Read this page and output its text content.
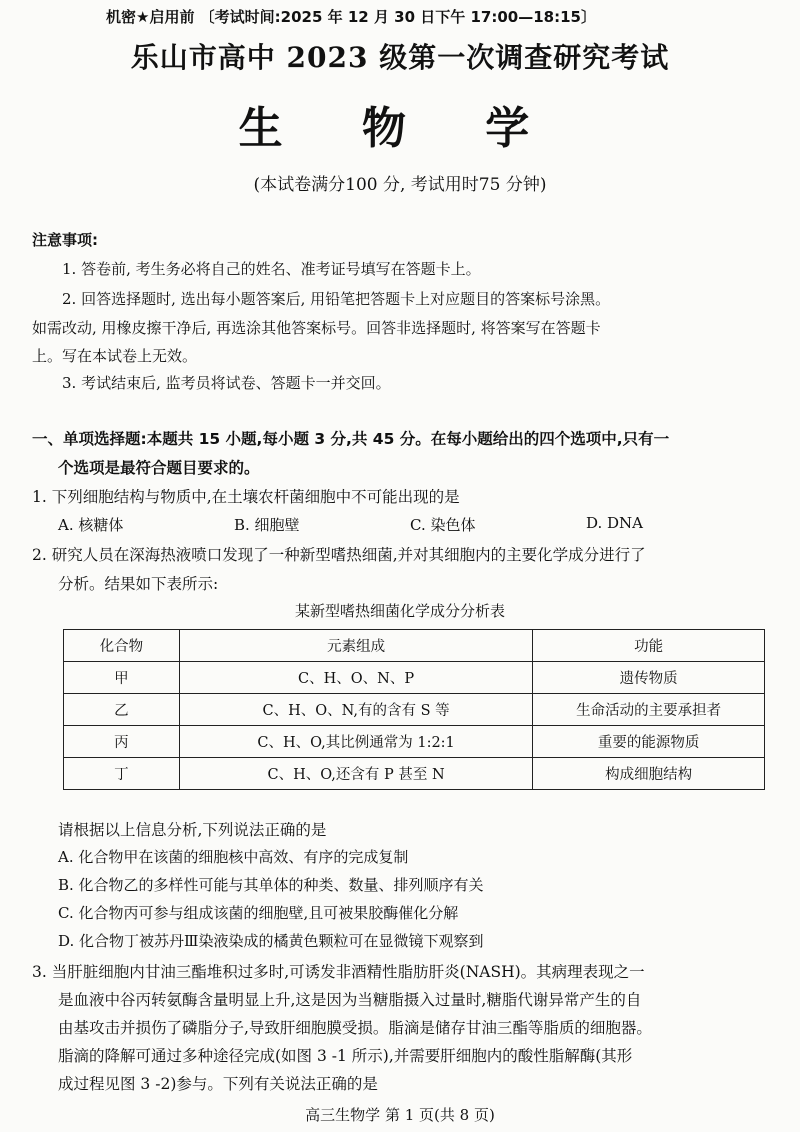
机密★启用前 〔考试时间:2025 年 12 月 30 日下午 17:00—18:15〕
乐山市高中 2023 级第一次调查研究考试
生 物 学
(本试卷满分100 分, 考试用时75 分钟)
注意事项:
1. 答卷前, 考生务必将自己的姓名、准考证号填写在答题卡上。
2. 回答选择题时, 选出每小题答案后, 用铅笔把答题卡上对应题目的答案标号涂黑。
如需改动, 用橡皮擦干净后, 再选涂其他答案标号。回答非选择题时, 将答案写在答题卡
上。写在本试卷上无效。
3. 考试结束后, 监考员将试卷、答题卡一并交回。
一、单项选择题:本题共 15 小题,每小题 3 分,共 45 分。在每小题给出的四个选项中,只有一
个选项是最符合题目要求的。
1. 下列细胞结构与物质中,在土壤农杆菌细胞中不可能出现的是
A. 核糖体	B. 细胞壁	C. 染色体	D. DNA
2. 研究人员在深海热液喷口发现了一种新型嗜热细菌,并对其细胞内的主要化学成分进行了
分析。结果如下表所示:
某新型嗜热细菌化学成分分析表
化合物	元素组成	功能
甲	C、H、O、N、P	遗传物质
乙	C、H、O、N,有的含有 S 等	生命活动的主要承担者
丙	C、H、O,其比例通常为 1:2:1	重要的能源物质
丁	C、H、O,还含有 P 甚至 N	构成细胞结构
请根据以上信息分析,下列说法正确的是
A. 化合物甲在该菌的细胞核中高效、有序的完成复制
B. 化合物乙的多样性可能与其单体的种类、数量、排列顺序有关
C. 化合物丙可参与组成该菌的细胞壁,且可被果胶酶催化分解
D. 化合物丁被苏丹Ⅲ染液染成的橘黄色颗粒可在显微镜下观察到
3. 当肝脏细胞内甘油三酯堆积过多时,可诱发非酒精性脂肪肝炎(NASH)。其病理表现之一
是血液中谷丙转氨酶含量明显上升,这是因为当糖脂摄入过量时,糖脂代谢异常产生的自
由基攻击并损伤了磷脂分子,导致肝细胞膜受损。脂滴是储存甘油三酯等脂质的细胞器。
脂滴的降解可通过多种途径完成(如图 3 -1 所示),并需要肝细胞内的酸性脂解酶(其形
成过程见图 3 -2)参与。下列有关说法正确的是
高三生物学 第 1 页(共 8 页)
